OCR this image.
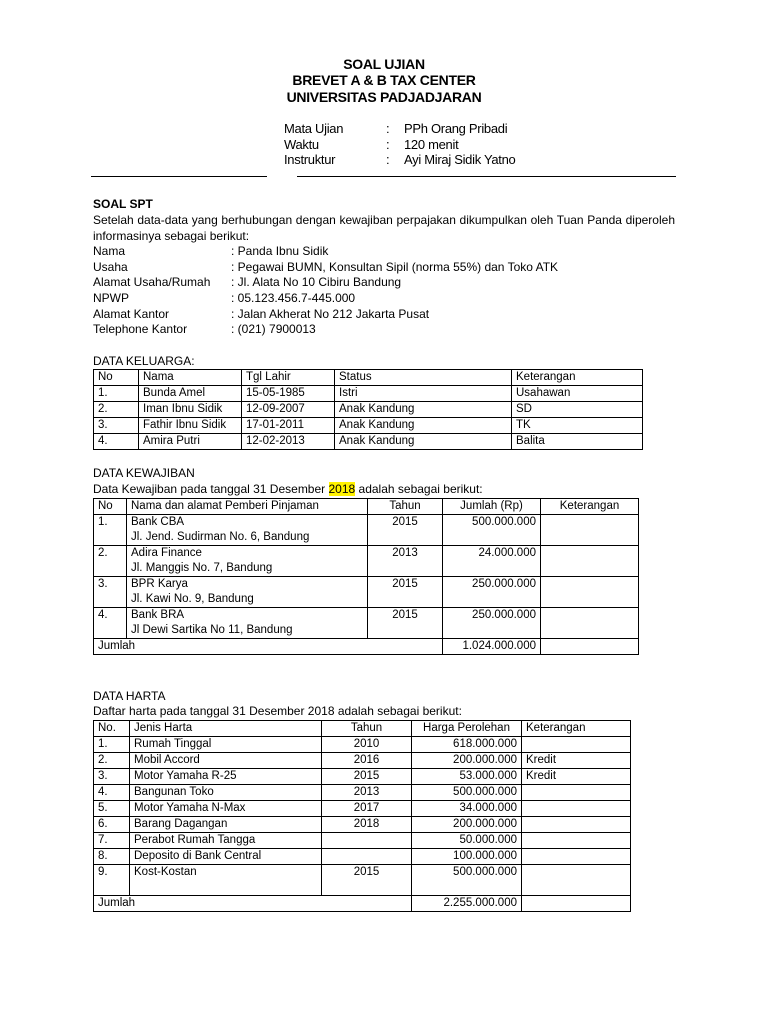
SOAL UJIAN
BREVET A & B TAX CENTER
UNIVERSITAS PADJADJARAN
Mata Ujian	: PPh Orang Pribadi
Waktu	: 120 menit
Instruktur	: Ayi Miraj Sidik Yatno
SOAL SPT
Setelah data-data yang berhubungan dengan kewajiban perpajakan dikumpulkan oleh Tuan Panda diperoleh informasinya sebagai berikut:
Nama	: Panda Ibnu Sidik
Usaha	: Pegawai BUMN, Konsultan Sipil (norma 55%) dan Toko ATK
Alamat Usaha/Rumah : Jl. Alata No 10 Cibiru Bandung
NPWP	: 05.123.456.7-445.000
Alamat Kantor	: Jalan Akherat No 212 Jakarta Pusat
Telephone Kantor	: (021) 7900013
DATA KELUARGA:
No	Nama	Tgl Lahir	Status	Keterangan
1.	Bunda Amel	15-05-1985	Istri	Usahawan
2.	Iman Ibnu Sidik	12-09-2007	Anak Kandung	SD
3.	Fathir Ibnu Sidik	17-01-2011	Anak Kandung	TK
4.	Amira Putri	12-02-2013	Anak Kandung	Balita
DATA KEWAJIBAN
Data Kewajiban pada tanggal 31 Desember 2018 adalah sebagai berikut:
No	Nama dan alamat Pemberi Pinjaman	Tahun	Jumlah (Rp)	Keterangan
1.	Bank CBA
Jl. Jend. Sudirman No. 6, Bandung	2015	500.000.000	
2.	Adira Finance
Jl. Manggis No. 7, Bandung	2013	24.000.000	
3.	BPR Karya
Jl. Kawi No. 9, Bandung	2015	250.000.000	
4.	Bank BRA
Jl Dewi Sartika No 11, Bandung	2015	250.000.000	
Jumlah			1.024.000.000	
DATA HARTA
Daftar harta pada tanggal 31 Desember 2018 adalah sebagai berikut:
No.	Jenis Harta	Tahun	Harga Perolehan	Keterangan
1.	Rumah Tinggal	2010	618.000.000	
2.	Mobil Accord	2016	200.000.000	Kredit
3.	Motor Yamaha R-25	2015	53.000.000	Kredit
4.	Bangunan Toko	2013	500.000.000	
5.	Motor Yamaha N-Max	2017	34.000.000	
6.	Barang Dagangan	2018	200.000.000	
7.	Perabot Rumah Tangga		50.000.000	
8.	Deposito di Bank Central		100.000.000	
9.	Kost-Kostan	2015	500.000.000	
Jumlah			2.255.000.000	
